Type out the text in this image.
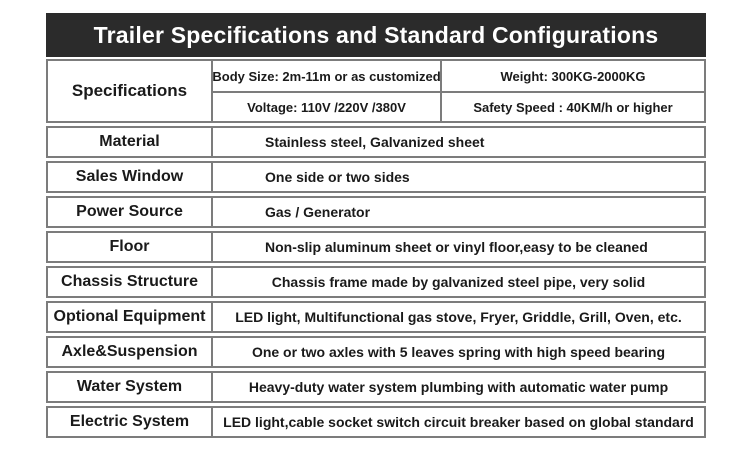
Trailer Specifications and Standard Configurations
Specifications
Body Size: 2m-11m or as customized	Weight: 300KG-2000KG
Voltage: 110V /220V /380V	Safety Speed : 40KM/h or higher
Material	Stainless steel, Galvanized sheet
Sales Window	One side or two sides
Power Source	Gas / Generator
Floor	Non-slip aluminum sheet or vinyl floor,easy to be cleaned
Chassis Structure	Chassis frame made by galvanized steel pipe, very solid
Optional Equipment	LED light, Multifunctional gas stove, Fryer, Griddle, Grill, Oven, etc.
Axle&Suspension	One or two axles with 5 leaves spring with high speed bearing
Water System	Heavy-duty water system plumbing with automatic water pump
Electric System	LED light,cable socket switch circuit breaker based on global standard
